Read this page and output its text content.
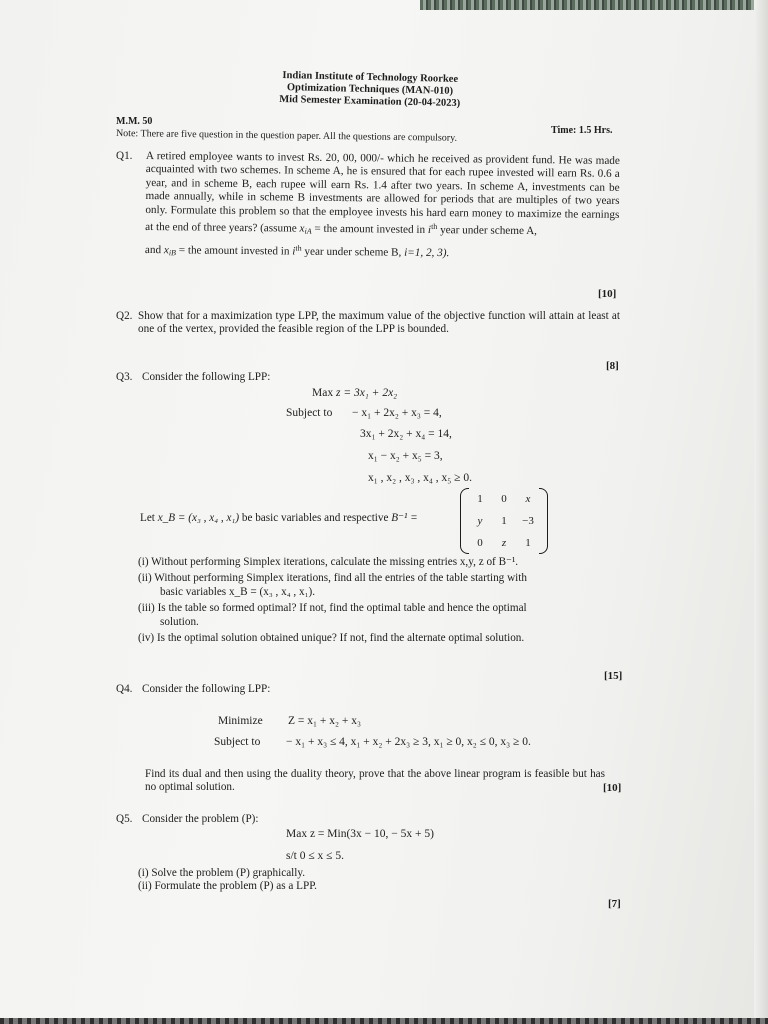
Indian Institute of Technology Roorkee
Optimization Techniques (MAN-010)
Mid Semester Examination (20-04-2023)
M.M. 50
Note: There are five question in the question paper. All the questions are compulsory.	Time: 1.5 Hrs.
Q1. A retired employee wants to invest Rs. 20, 00, 000/- which he received as provident fund. He was made acquainted with two schemes. In scheme A, he is ensured that for each rupee invested will earn Rs. 0.6 a year, and in scheme B, each rupee will earn Rs. 1.4 after two years. In scheme A, investments can be made annually, while in scheme B investments are allowed for periods that are multiples of two years only. Formulate this problem so that the employee invests his hard earn money to maximize the earnings at the end of three years? (assume $x_{iA}$ = the amount invested in $i^{th}$ year under scheme A,
and $x_{iB}$ = the amount invested in $i^{th}$ year under scheme B, i=1, 2, 3).
[10]
Q2. Show that for a maximization type LPP, the maximum value of the objective function will attain at least at one of the vertex, provided the feasible region of the LPP is bounded.
[8]
Q3. Consider the following LPP:
Max z = 3x₁ + 2x₂
Subject to − x₁ + 2x₂ + x₃ = 4,
3x₁ + 2x₂ + x₄ = 14,
x₁ − x₂ + x₅ = 3,
x₁ , x₂ , x₃ , x₄ , x₅ ≥ 0.
Let x_B = (x₃ , x₄ , x₁) be basic variables and respective B⁻¹ =
1	0	x
y	1	−3
0	z	1
(i) Without performing Simplex iterations, calculate the missing entries x,y, z of B⁻¹.
(ii) Without performing Simplex iterations, find all the entries of the table starting with
basic variables x_B = (x₃ , x₄ , x₁).
(iii) Is the table so formed optimal? If not, find the optimal table and hence the optimal
solution.
(iv) Is the optimal solution obtained unique? If not, find the alternate optimal solution.
[15]
Q4. Consider the following LPP:
Minimize Z = x₁ + x₂ + x₃
Subject to − x₁ + x₃ ≤ 4, x₁ + x₂ + 2x₃ ≥ 3, x₁ ≥ 0, x₂ ≤ 0, x₃ ≥ 0.
Find its dual and then using the duality theory, prove that the above linear program is feasible but has no optimal solution.	[10]
Q5. Consider the problem (P):
Max z = Min(3x − 10, − 5x + 5)
s/t 0 ≤ x ≤ 5.
(i) Solve the problem (P) graphically.
(ii) Formulate the problem (P) as a LPP.
[7]
